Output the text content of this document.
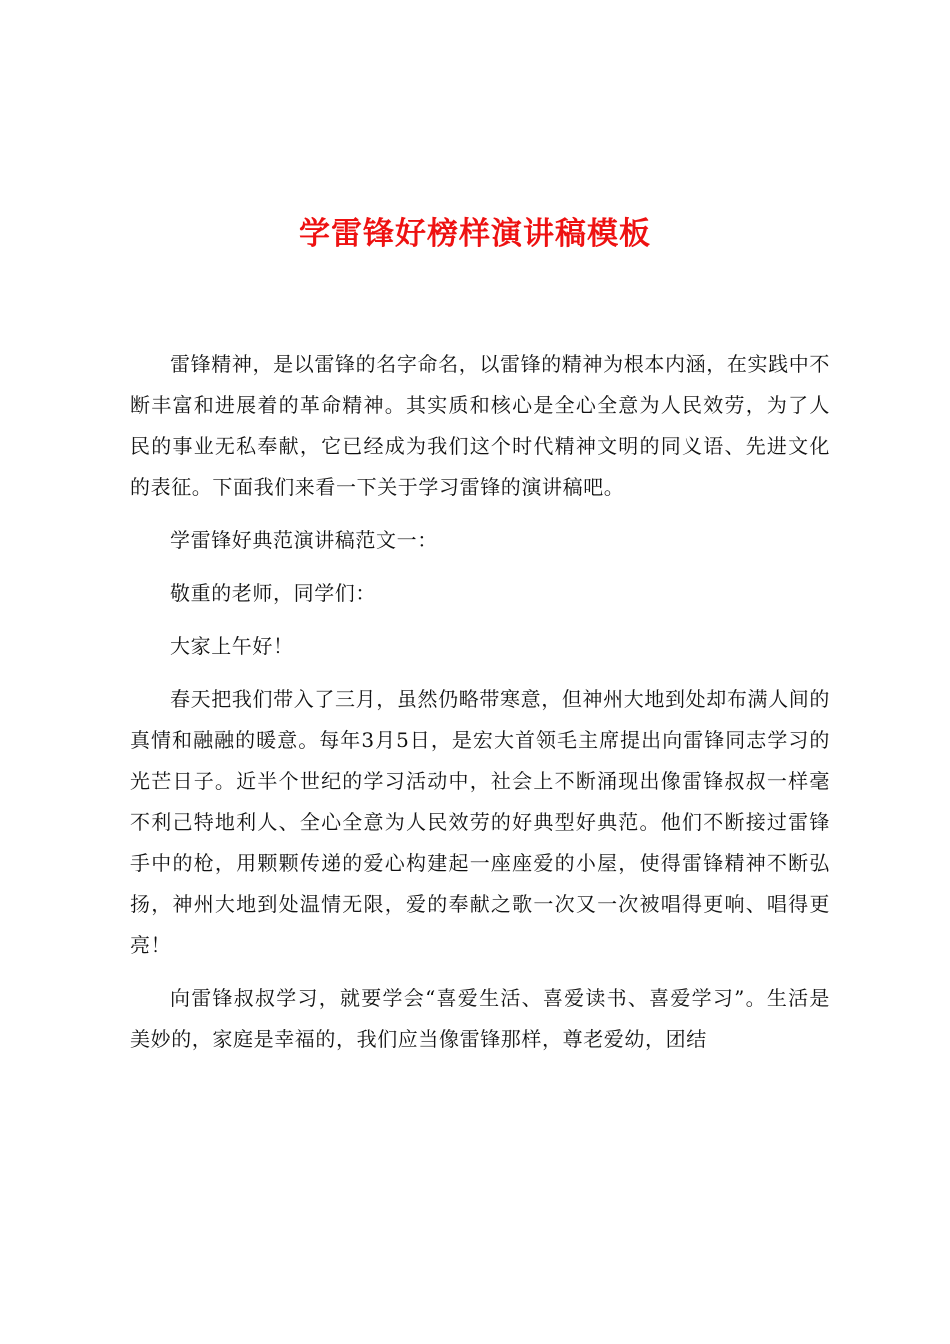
学雷锋好榜样演讲稿模板

雷锋精神，是以雷锋的名字命名，以雷锋的精神为根本内涵，在实践中不断丰富和进展着的革命精神。其实质和核心是全心全意为人民效劳，为了人民的事业无私奉献，它已经成为我们这个时代精神文明的同义语、先进文化的表征。下面我们来看一下关于学习雷锋的演讲稿吧。

学雷锋好典范演讲稿范文一：

敬重的老师，同学们：

大家上午好！

春天把我们带入了三月，虽然仍略带寒意，但神州大地到处却布满人间的真情和融融的暖意。每年3月5日，是宏大首领毛主席提出向雷锋同志学习的光芒日子。近半个世纪的学习活动中，社会上不断涌现出像雷锋叔叔一样毫不利己特地利人、全心全意为人民效劳的好典型好典范。他们不断接过雷锋手中的枪，用颗颗传递的爱心构建起一座座爱的小屋，使得雷锋精神不断弘扬，神州大地到处温情无限，爱的奉献之歌一次又一次被唱得更响、唱得更亮！

向雷锋叔叔学习，就要学会“喜爱生活、喜爱读书、喜爱学习”。生活是美妙的，家庭是幸福的，我们应当像雷锋那样，尊老爱幼，团结
